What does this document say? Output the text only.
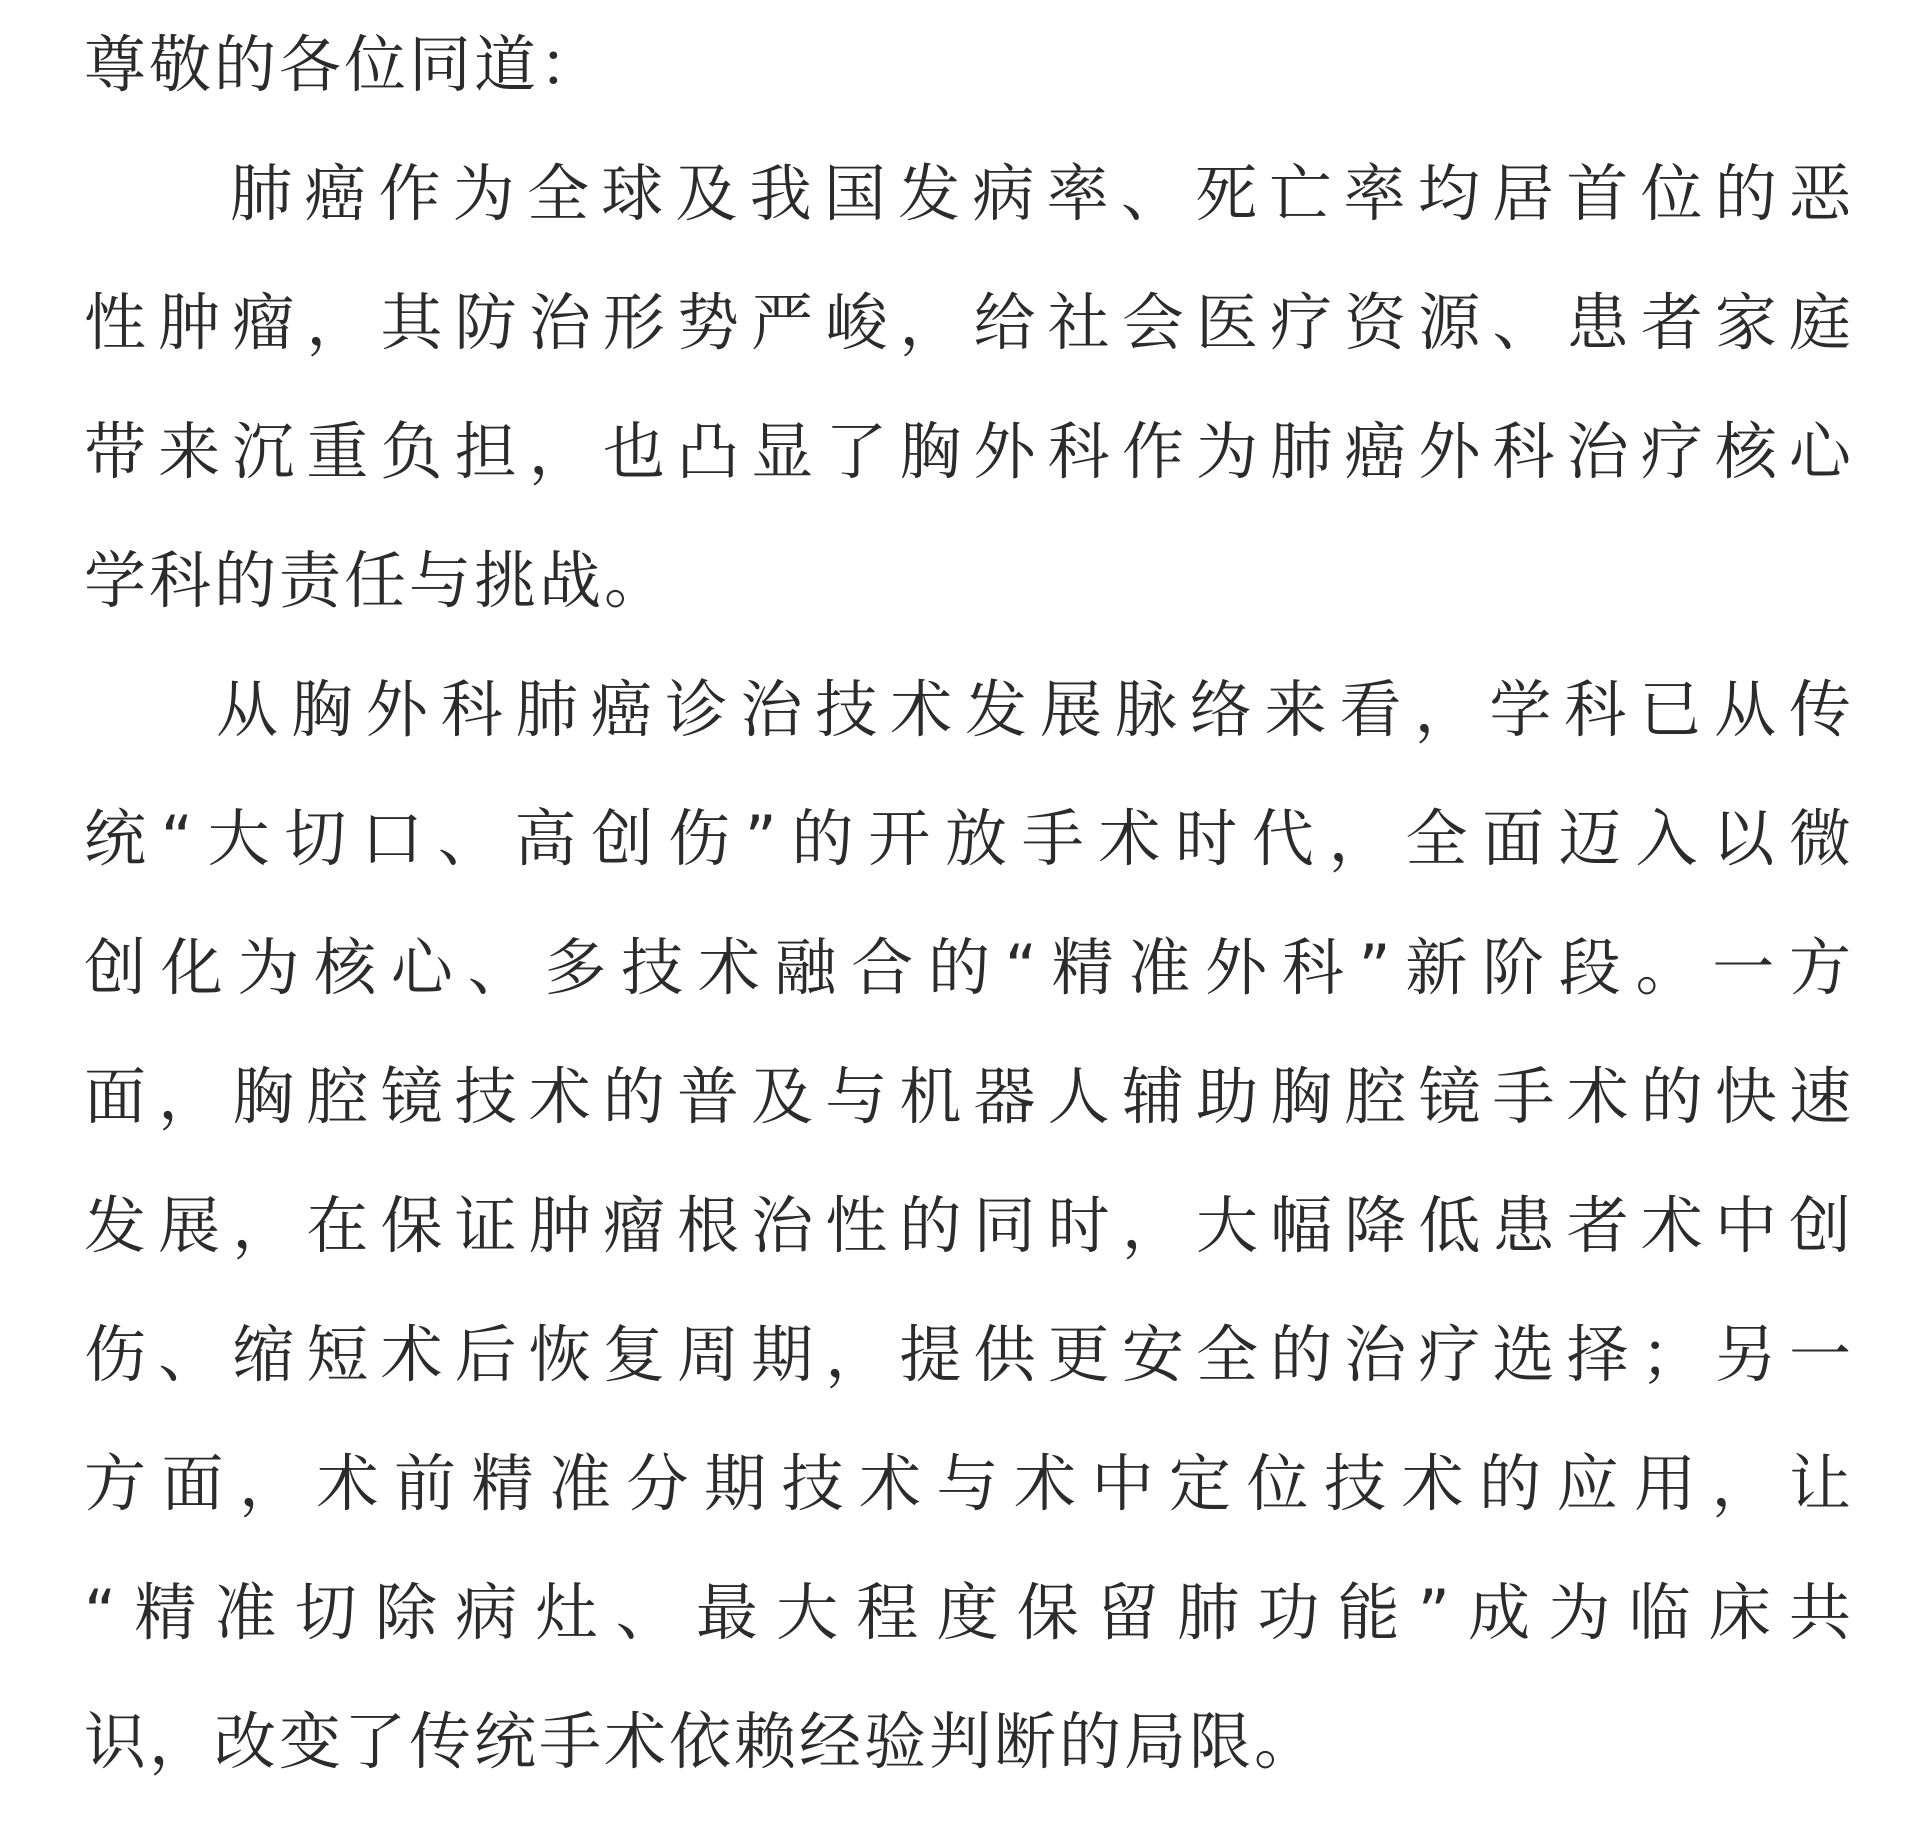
尊敬的各位同道：
肺癌作为全球及我国发病率、死亡率均居首位的恶
性肿瘤，其防治形势严峻，给社会医疗资源、患者家庭
带来沉重负担，也凸显了胸外科作为肺癌外科治疗核心
学科的责任与挑战。
从胸外科肺癌诊治技术发展脉络来看，学科已从传
统“大切口、高创伤”的开放手术时代，全面迈入以微
创化为核心、多技术融合的“精准外科”新阶段。一方
面，胸腔镜技术的普及与机器人辅助胸腔镜手术的快速
发展，在保证肿瘤根治性的同时，大幅降低患者术中创
伤、缩短术后恢复周期，提供更安全的治疗选择；另一
方面，术前精准分期技术与术中定位技术的应用，让
“精准切除病灶、最大程度保留肺功能”成为临床共
识，改变了传统手术依赖经验判断的局限。
